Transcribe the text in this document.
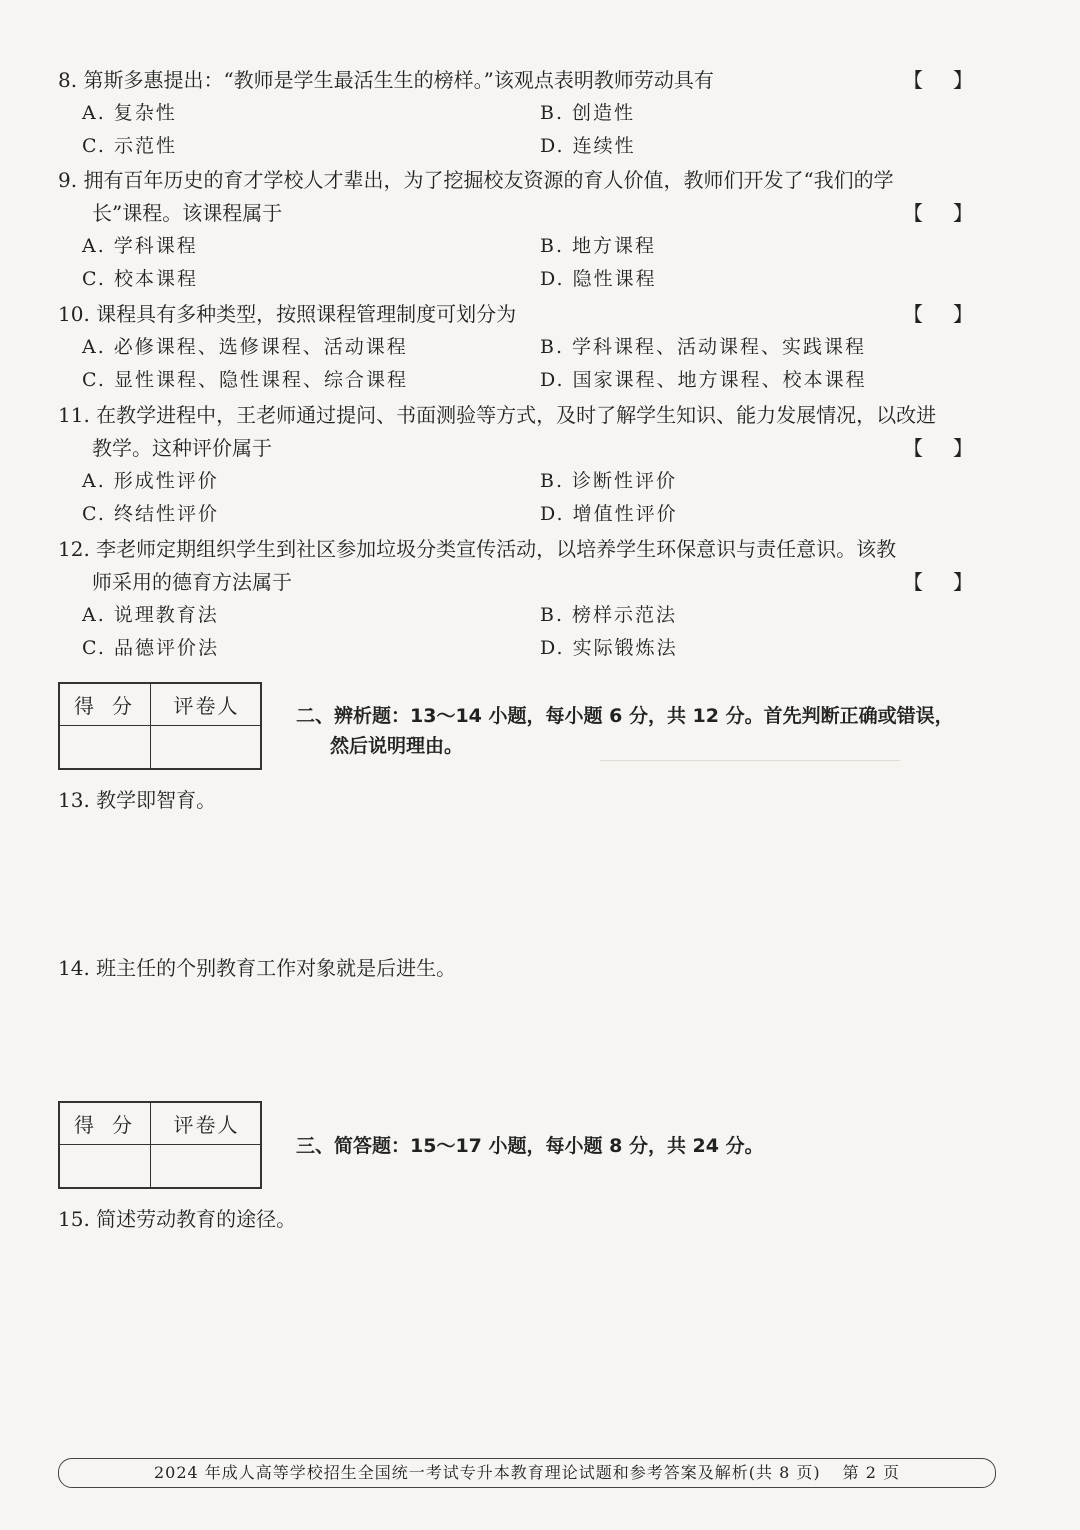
8. 第斯多惠提出：“教师是学生最活生生的榜样。”该观点表明教师劳动具有	【】
A. 复杂性	B. 创造性
C. 示范性	D. 连续性
9. 拥有百年历史的育才学校人才辈出，为了挖掘校友资源的育人价值，教师们开发了“我们的学
长”课程。该课程属于	【】
A. 学科课程	B. 地方课程
C. 校本课程	D. 隐性课程
10. 课程具有多种类型，按照课程管理制度可划分为	【】
A. 必修课程、选修课程、活动课程	B. 学科课程、活动课程、实践课程
C. 显性课程、隐性课程、综合课程	D. 国家课程、地方课程、校本课程
11. 在教学进程中，王老师通过提问、书面测验等方式，及时了解学生知识、能力发展情况，以改进
教学。这种评价属于	【】
A. 形成性评价	B. 诊断性评价
C. 终结性评价	D. 增值性评价
12. 李老师定期组织学生到社区参加垃圾分类宣传活动，以培养学生环保意识与责任意识。该教
师采用的德育方法属于	【】
A. 说理教育法	B. 榜样示范法
C. 品德评价法	D. 实际锻炼法
得分	评卷人	二、辨析题：13～14 小题，每小题 6 分，共 12 分。首先判断正确或错误，
然后说明理由。
13. 教学即智育。
14. 班主任的个别教育工作对象就是后进生。
得分	评卷人
三、简答题：15～17 小题，每小题 8 分，共 24 分。
15. 简述劳动教育的途径。
2024 年成人高等学校招生全国统一考试专升本教育理论试题和参考答案及解析(共 8 页) 第 2 页
